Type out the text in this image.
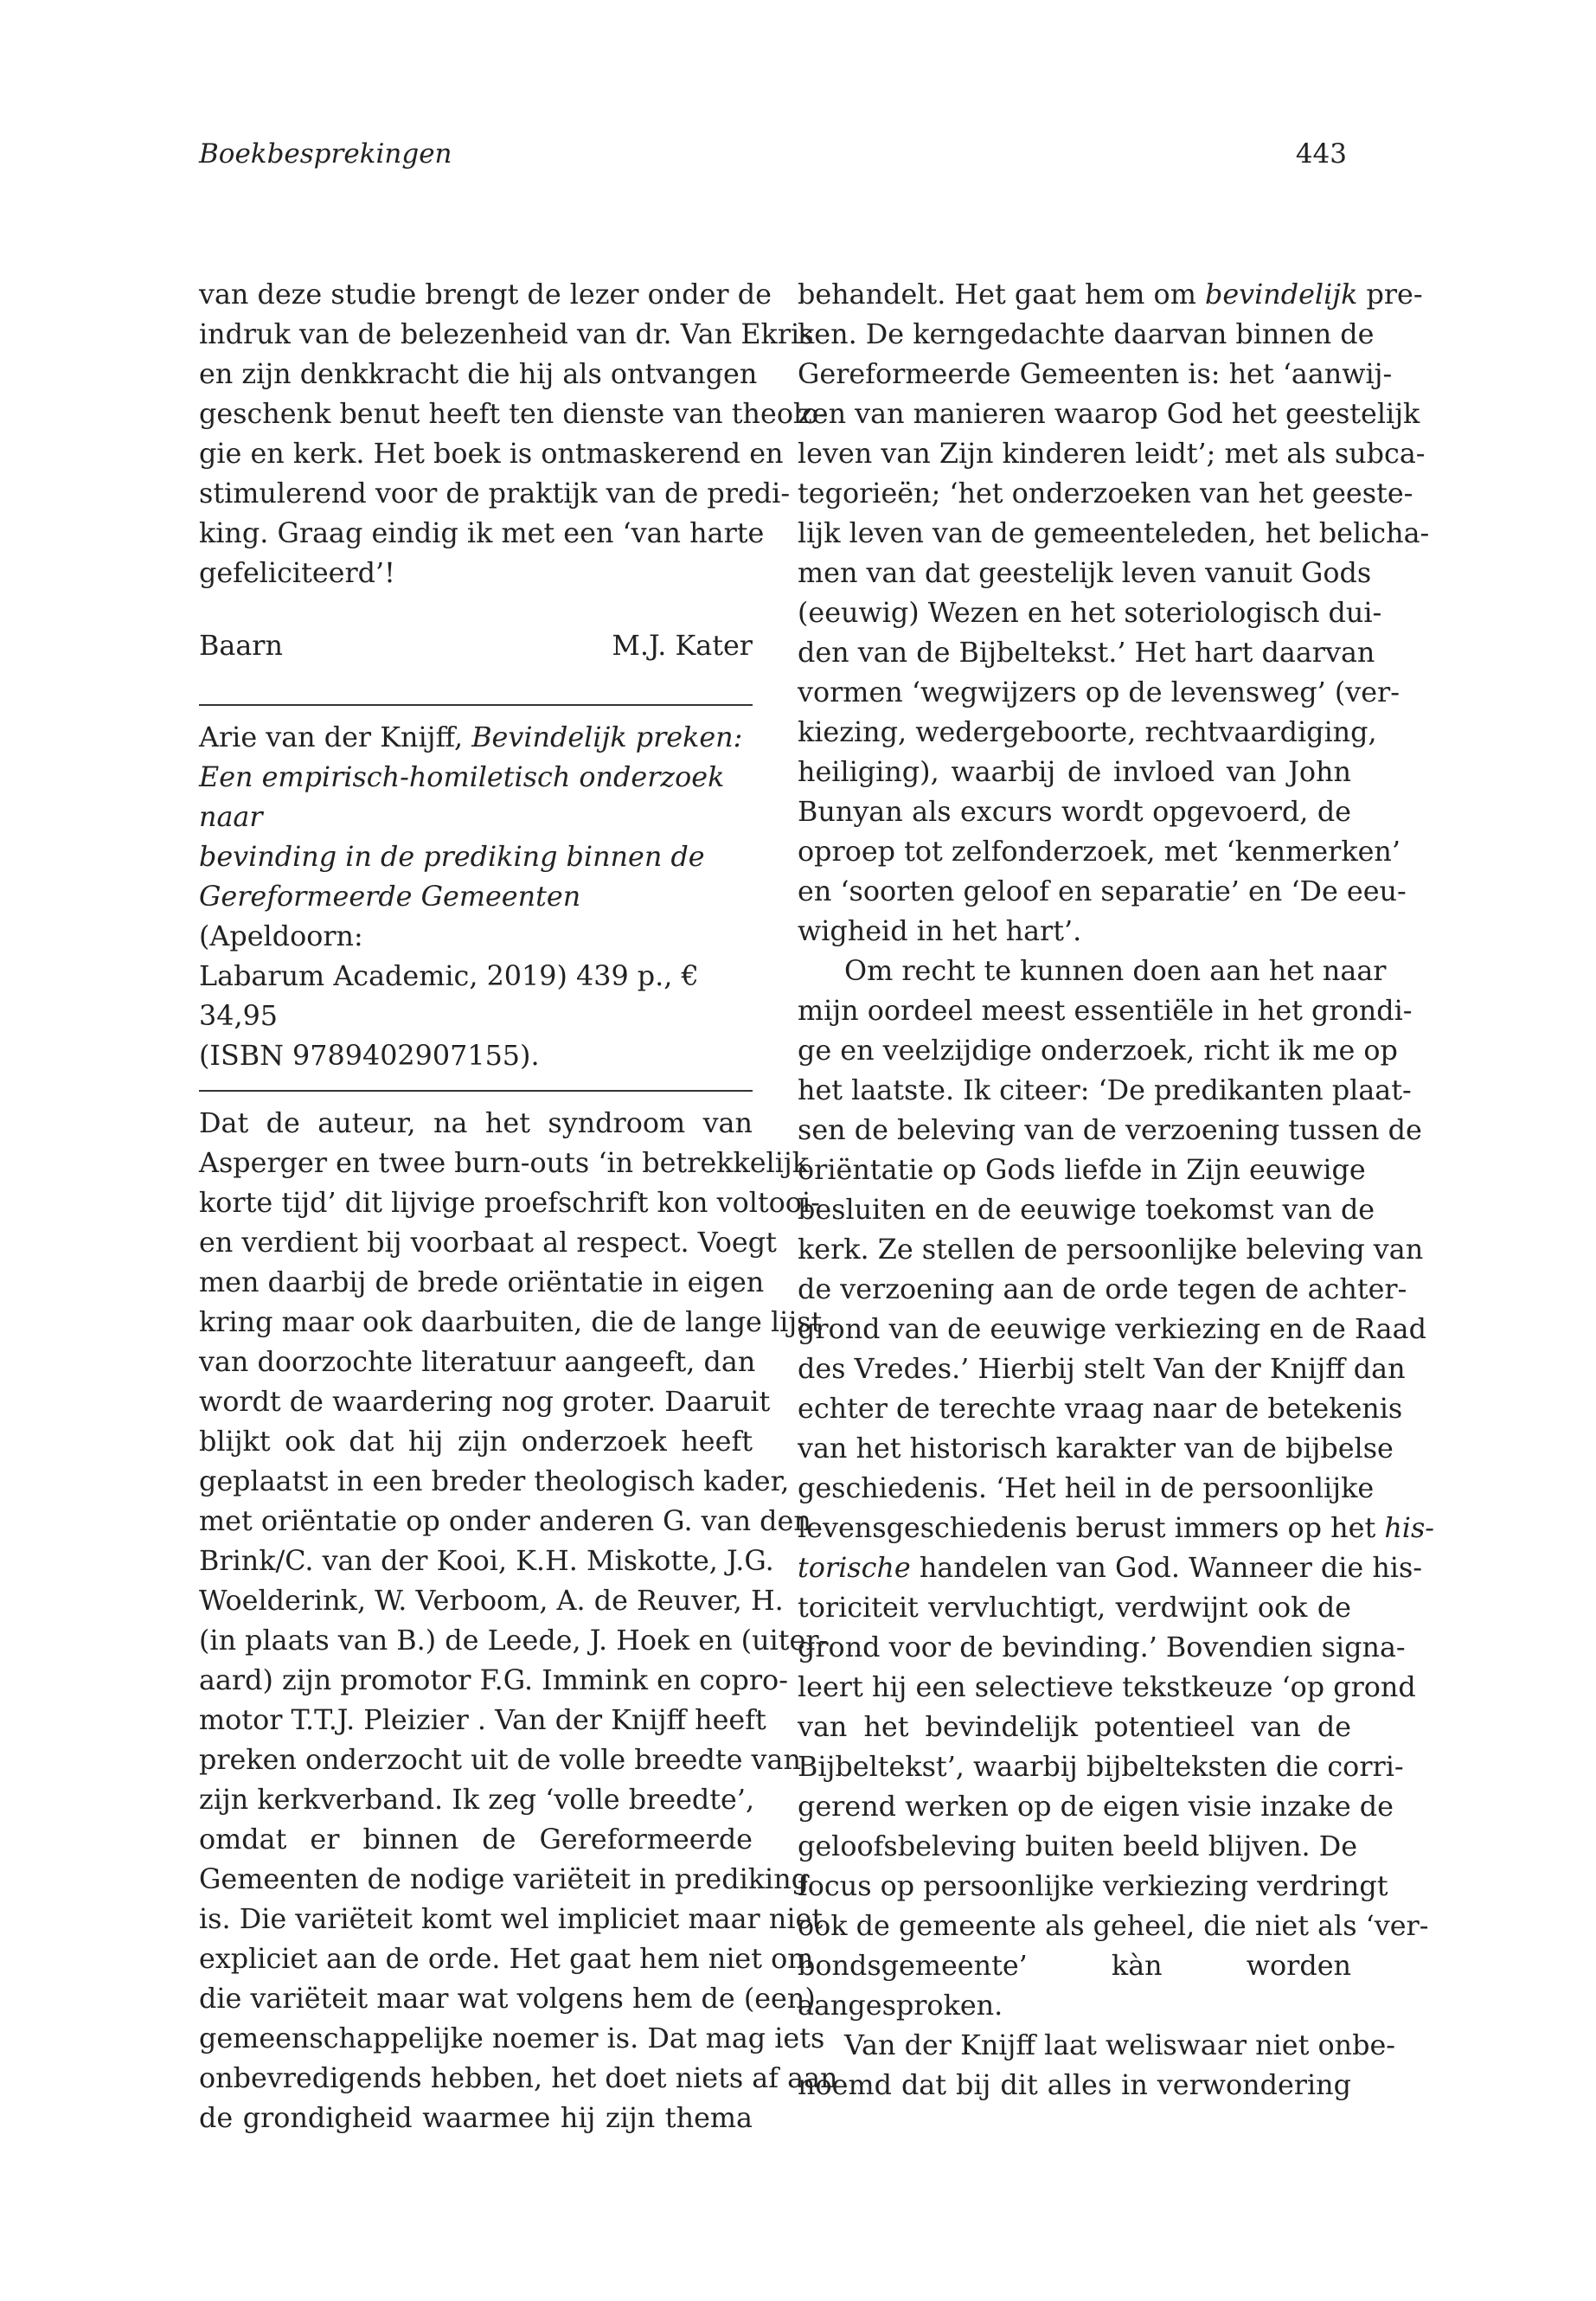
Boekbesprekingen	443
van deze studie brengt de lezer onder de
indruk van de belezenheid van dr. Van Ekris
en zijn denkkracht die hij als ontvangen
geschenk benut heeft ten dienste van theolo-
gie en kerk. Het boek is ontmaskerend en
stimulerend voor de praktijk van de predi-
king. Graag eindig ik met een ‘van harte
gefeliciteerd’!
Baarn	M.J. Kater
Arie van der Knijff, Bevindelijk preken:
Een empirisch-homiletisch onderzoek naar
bevinding in de prediking binnen de
Gereformeerde Gemeenten (Apeldoorn:
Labarum Academic, 2019) 439 p., € 34,95
(ISBN 9789402907155).
Dat de auteur, na het syndroom van
Asperger en twee burn-outs ‘in betrekkelijk
korte tijd’ dit lijvige proefschrift kon voltooi-
en verdient bij voorbaat al respect. Voegt
men daarbij de brede oriëntatie in eigen
kring maar ook daarbuiten, die de lange lijst
van doorzochte literatuur aangeeft, dan
wordt de waardering nog groter. Daaruit
blijkt ook dat hij zijn onderzoek heeft
geplaatst in een breder theologisch kader,
met oriëntatie op onder anderen G. van den
Brink/C. van der Kooi, K.H. Miskotte, J.G.
Woelderink, W. Verboom, A. de Reuver, H.
(in plaats van B.) de Leede, J. Hoek en (uiter-
aard) zijn promotor F.G. Immink en copro-
motor T.T.J. Pleizier . Van der Knijff heeft
preken onderzocht uit de volle breedte van
zijn kerkverband. Ik zeg ‘volle breedte’,
omdat er binnen de Gereformeerde
Gemeenten de nodige variëteit in prediking
is. Die variëteit komt wel impliciet maar niet
expliciet aan de orde. Het gaat hem niet om
die variëteit maar wat volgens hem de (een)
gemeenschappelijke noemer is. Dat mag iets
onbevredigends hebben, het doet niets af aan
de grondigheid waarmee hij zijn thema
behandelt. Het gaat hem om bevindelijk pre-
ken. De kerngedachte daarvan binnen de
Gereformeerde Gemeenten is: het ‘aanwij-
zen van manieren waarop God het geestelijk
leven van Zijn kinderen leidt’; met als subca-
tegorieën; ‘het onderzoeken van het geeste-
lijk leven van de gemeenteleden, het belicha-
men van dat geestelijk leven vanuit Gods
(eeuwig) Wezen en het soteriologisch dui-
den van de Bijbeltekst.’ Het hart daarvan
vormen ‘wegwijzers op de levensweg’ (ver-
kiezing, wedergeboorte, rechtvaardiging,
heiliging), waarbij de invloed van John
Bunyan als excurs wordt opgevoerd, de
oproep tot zelfonderzoek, met ‘kenmerken’
en ‘soorten geloof en separatie’ en ‘De eeu-
wigheid in het hart’.
Om recht te kunnen doen aan het naar
mijn oordeel meest essentiële in het grondi-
ge en veelzijdige onderzoek, richt ik me op
het laatste. Ik citeer: ‘De predikanten plaat-
sen de beleving van de verzoening tussen de
oriëntatie op Gods liefde in Zijn eeuwige
besluiten en de eeuwige toekomst van de
kerk. Ze stellen de persoonlijke beleving van
de verzoening aan de orde tegen de achter-
grond van de eeuwige verkiezing en de Raad
des Vredes.’ Hierbij stelt Van der Knijff dan
echter de terechte vraag naar de betekenis
van het historisch karakter van de bijbelse
geschiedenis. ‘Het heil in de persoonlijke
levensgeschiedenis berust immers op het his-
torische handelen van God. Wanneer die his-
toriciteit vervluchtigt, verdwijnt ook de
grond voor de bevinding.’ Bovendien signa-
leert hij een selectieve tekstkeuze ‘op grond
van het bevindelijk potentieel van de
Bijbeltekst’, waarbij bijbelteksten die corri-
gerend werken op de eigen visie inzake de
geloofsbeleving buiten beeld blijven. De
focus op persoonlijke verkiezing verdringt
ook de gemeente als geheel, die niet als ‘ver-
bondsgemeente’ kàn worden aangesproken.
Van der Knijff laat weliswaar niet onbe-
noemd dat bij dit alles in verwondering
